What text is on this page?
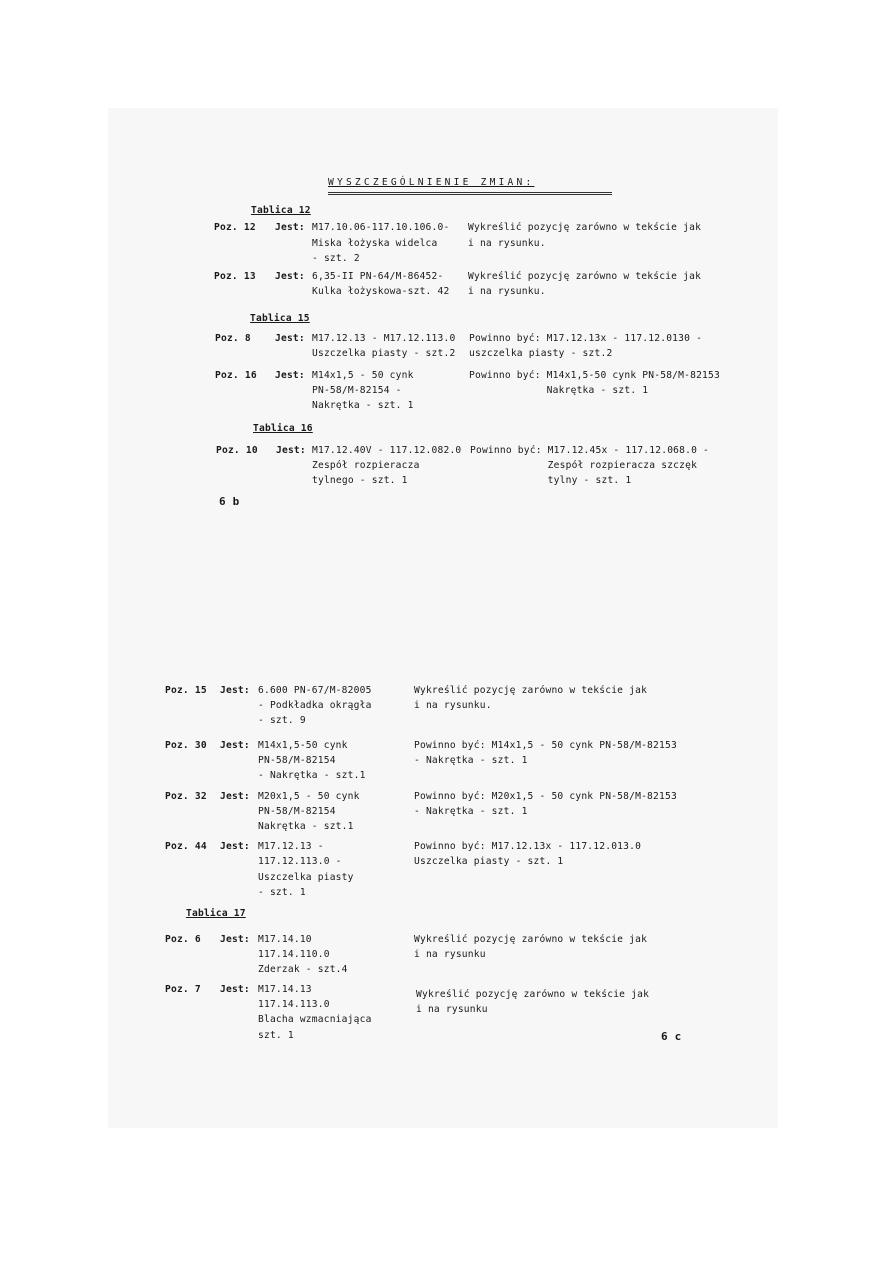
WYSZCZEGÓLNIENIE ZMIAN:
Tablica 12
Poz. 12 Jest: M17.10.06-117.10.106.0-
Miska łożyska widelca
- szt. 2
Wykreślić pozycję zarówno w tekście jak
i na rysunku.
Poz. 13 Jest: 6,35-II PN-64/M-86452-
Kulka łożyskowa-szt. 42
Wykreślić pozycję zarówno w tekście jak
i na rysunku.
Tablica 15
Poz. 8	Jest: M17.12.13 - M17.12.113.0
Uszczelka piasty - szt.2
Powinno być: M17.12.13x - 117.12.0130 -
uszczelka piasty - szt.2
Poz. 16 Jest: M14x1,5 - 50 cynk
PN-58/M-82154 -
Nakrętka - szt. 1
Powinno być: M14x1,5-50 cynk PN-58/M-82153
Nakrętka - szt. 1
Tablica 16
Poz. 10 Jest: M17.12.40V - 117.12.082.0
Zespół rozpieracza
tylnego - szt. 1
Powinno być: M17.12.45x - 117.12.068.0 -
Zespół rozpieracza szczęk
tylny - szt. 1
6 b
Poz. 15 Jest: 6.600 PN-67/M-82005
- Podkładka okrągła
- szt. 9
Wykreślić pozycję zarówno w tekście jak
i na rysunku.
Poz. 30 Jest: M14x1,5-50 cynk
PN-58/M-82154
- Nakrętka - szt.1
Powinno być: M14x1,5 - 50 cynk PN-58/M-82153
- Nakrętka - szt. 1
Poz. 32 Jest: M20x1,5 - 50 cynk
PN-58/M-82154
Nakrętka - szt.1
Powinno być: M20x1,5 - 50 cynk PN-58/M-82153
- Nakrętka - szt. 1
Poz. 44 Jest: M17.12.13 -
117.12.113.0 -
Uszczelka piasty
- szt. 1
Powinno być: M17.12.13x - 117.12.013.0
Uszczelka piasty - szt. 1
Tablica 17
Poz. 6 Jest: M17.14.10
117.14.110.0
Zderzak - szt.4
Wykreślić pozycję zarówno w tekście jak
i na rysunku
Poz. 7 Jest: M17.14.13
117.14.113.0
Blacha wzmacniająca
szt. 1
Wykreślić pozycję zarówno w tekście jak
i na rysunku
6 c
